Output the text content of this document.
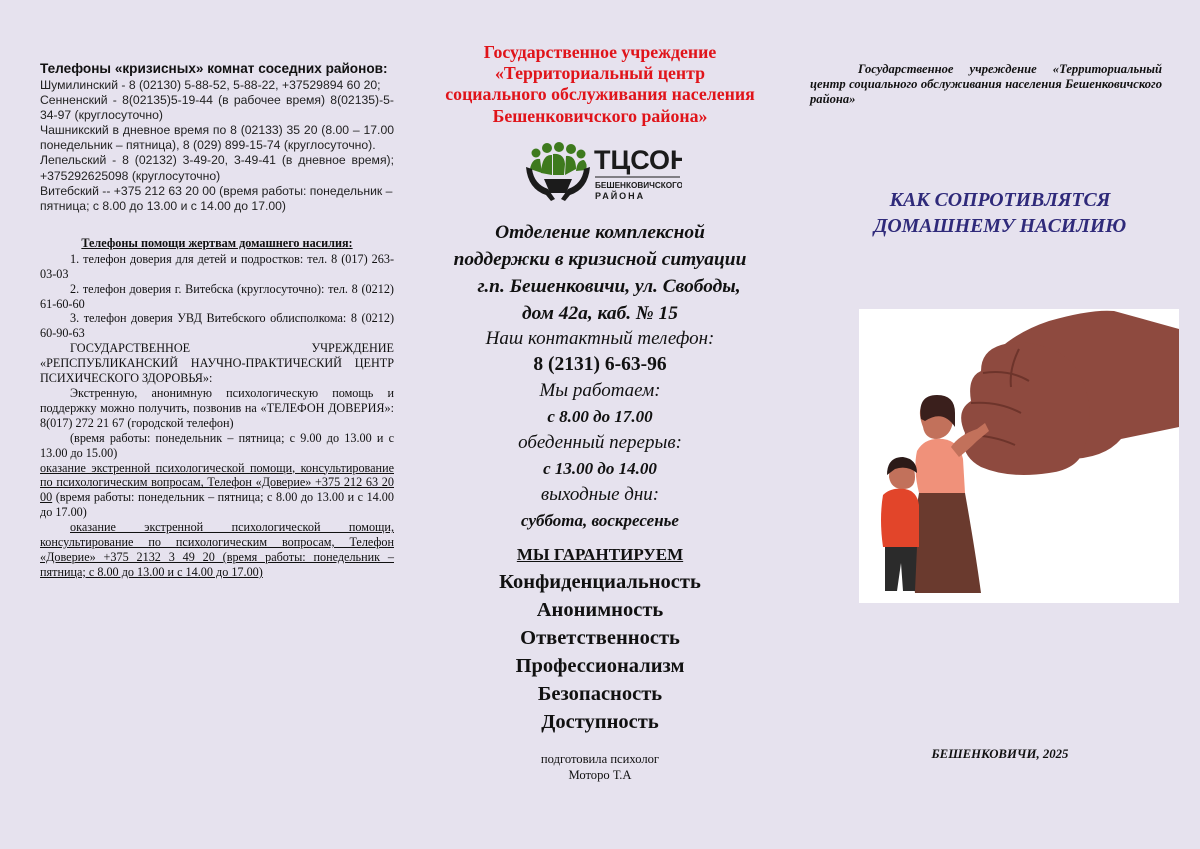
Телефоны «кризисных» комнат соседних районов:

Шумилинский - 8 (02130) 5-88-52, 5-88-22, +37529894 60 20;
Сенненский - 8(02135)5-19-44 (в рабочее время) 8(02135)-5-34-97 (круглосуточно)
Чашникский в дневное время по 8 (02133) 35 20 (8.00 – 17.00 понедельник – пятница), 8 (029) 899-15-74 (круглосуточно).
Лепельский - 8 (02132) 3-49-20, 3-49-41 (в дневное время); +375292625098 (круглосуточно)
Витебский -- +375 212 63 20 00 (время работы: понедельник – пятница; с 8.00 до 13.00 и с 14.00 до 17.00)
Телефоны помощи жертвам домашнего насилия:

1. телефон доверия для детей и подростков: тел. 8 (017) 263-03-03

2. телефон доверия г. Витебска (круглосуточно): тел. 8 (0212) 61-60-60

3. телефон доверия УВД Витебского облисполкома: 8 (0212) 60-90-63

ГОСУДАРСТВЕННОЕ УЧРЕЖДЕНИЕ «РЕПСПУБЛИКАНСКИЙ НАУЧНО-ПРАКТИЧЕСКИЙ ЦЕНТР ПСИХИЧЕСКОГО ЗДОРОВЬЯ»:

Экстренную, анонимную психологическую помощь и поддержку можно получить, позвонив на «ТЕЛЕФОН ДОВЕРИЯ»: 8(017) 272 21 67 (городской телефон)

(время работы: понедельник – пятница; с 9.00 до 13.00 и с 13.00 до 15.00)

оказание экстренной психологической помощи, консультирование по психологическим вопросам, Телефон «Доверие» +375 212 63 20 00 (время работы: понедельник – пятница; с 8.00 до 13.00 и с 14.00 до 17.00)

оказание экстренной психологической помощи, консультирование по психологическим вопросам, Телефон «Доверие» +375 2132 3 49 20 (время работы: понедельник – пятница; с 8.00 до 13.00 и с 14.00 до 17.00)

Государственное учреждение
«Территориальный центр
социального обслуживания населения
Бешенковичского района»
ТЦСОН
БЕШЕНКОВИЧСКОГО
РАЙОНА
Отделение комплексной
поддержки в кризисной ситуации
г.п. Бешенковичи, ул. Свободы,
дом 42а, каб. № 15
Наш контактный телефон:
8 (2131) 6-63-96
Мы работаем:
с 8.00 до 17.00
обеденный перерыв:
с 13.00 до 14.00
выходные дни:
суббота, воскресенье
МЫ ГАРАНТИРУЕМ
Конфиденциальность
Анонимность
Ответственность
Профессионализм
Безопасность
Доступность
подготовила психолог
Моторо Т.А
Государственное учреждение «Территориальный центр социального обслуживания населения Бешенковичского района»
КАК СОПРОТИВЛЯТСЯ
ДОМАШНЕМУ НАСИЛИЮ
БЕШЕНКОВИЧИ, 2025
